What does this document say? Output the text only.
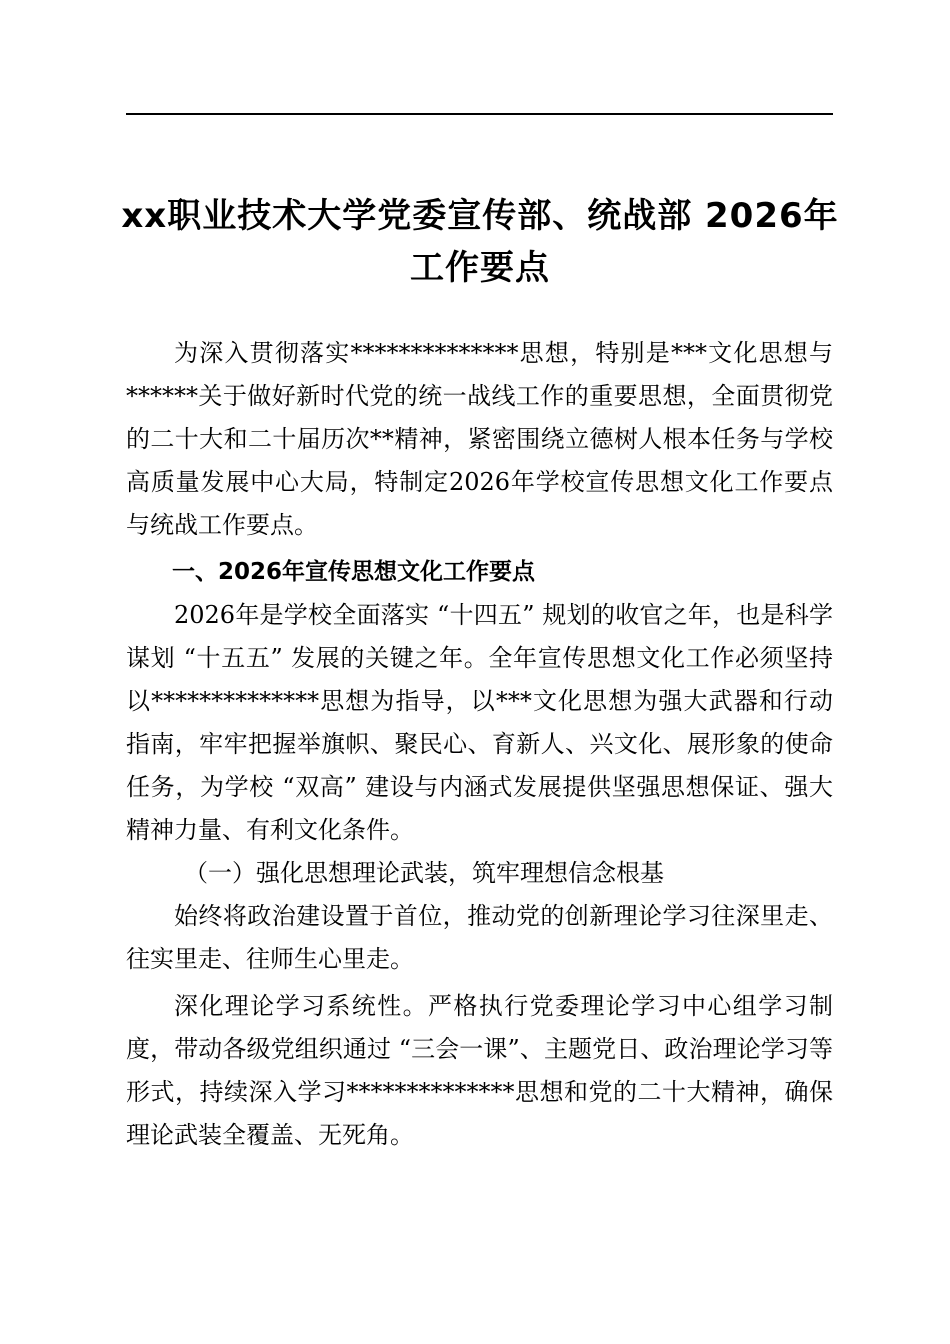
xx职业技术大学党委宣传部、统战部 2026年
工作要点

为深入贯彻落实**************思想，特别是***文化思想与******关于做好新时代党的统一战线工作的重要思想，全面贯彻党的二十大和二十届历次**精神，紧密围绕立德树人根本任务与学校高质量发展中心大局，特制定2026年学校宣传思想文化工作要点与统战工作要点。

一、2026年宣传思想文化工作要点

2026年是学校全面落实 “十四五” 规划的收官之年，也是科学谋划 “十五五” 发展的关键之年。全年宣传思想文化工作必须坚持以**************思想为指导，以***文化思想为强大武器和行动指南，牢牢把握举旗帜、聚民心、育新人、兴文化、展形象的使命任务，为学校 “双高” 建设与内涵式发展提供坚强思想保证、强大精神力量、有利文化条件。

（一）强化思想理论武装，筑牢理想信念根基

始终将政治建设置于首位，推动党的创新理论学习往深里走、往实里走、往师生心里走。

深化理论学习系统性。严格执行党委理论学习中心组学习制度，带动各级党组织通过 “三会一课”、主题党日、政治理论学习等形式，持续深入学习**************思想和党的二十大精神，确保理论武装全覆盖、无死角。
